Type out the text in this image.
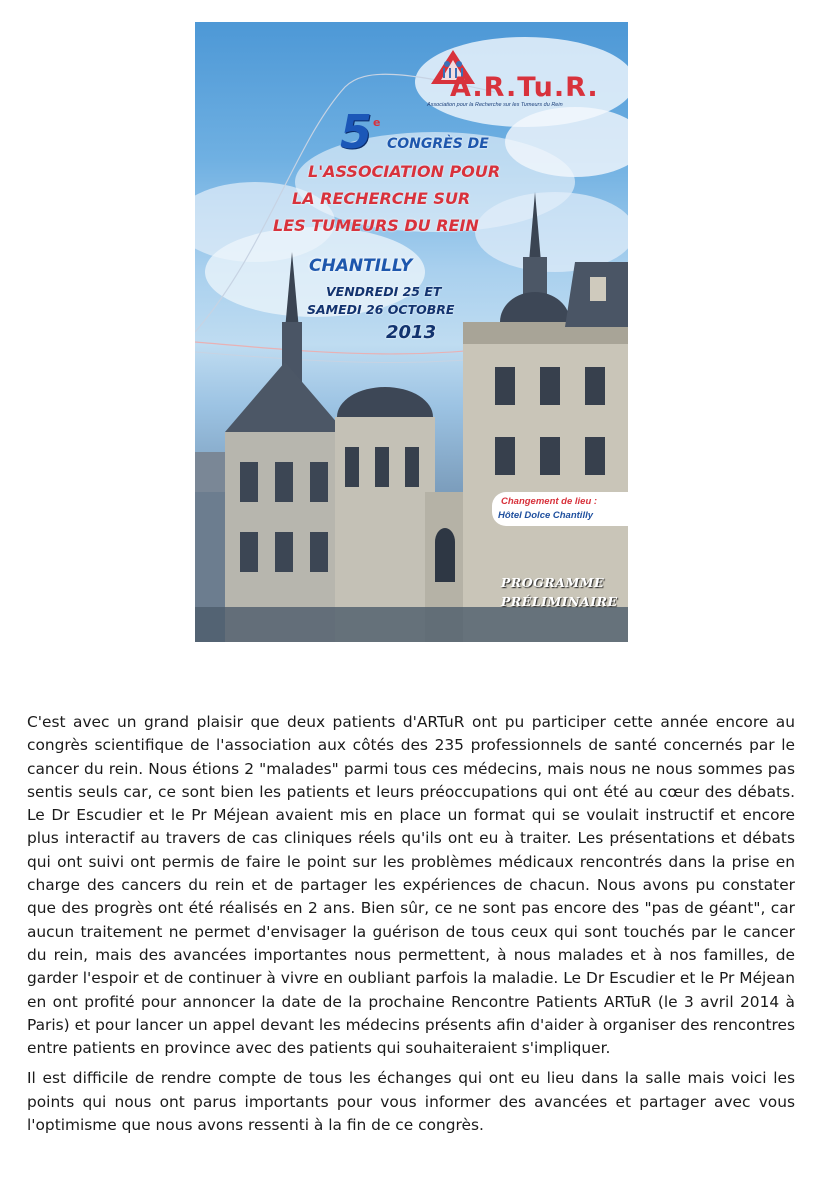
A.R.Tu.R.
Association pour la Recherche sur les Tumeurs du Rein
5 e
CONGRÈS DE
L'ASSOCIATION POUR
LA RECHERCHE SUR
LES TUMEURS DU REIN
CHANTILLY
VENDREDI 25 ET
SAMEDI 26 OCTOBRE
2013
Changement de lieu :
Hôtel Dolce Chantilly
PROGRAMME
PRÉLIMINAIRE

C'est avec un grand plaisir que deux patients d'ARTuR ont pu participer cette année encore au congrès scientifique de l'association aux côtés des 235 professionnels de santé concernés par le cancer du rein. Nous étions 2 "malades" parmi tous ces médecins, mais nous ne nous sommes pas sentis seuls car, ce sont bien les patients et leurs préoccupations qui ont été au cœur des débats. Le Dr Escudier et le Pr Méjean avaient mis en place un format qui se voulait instructif et encore plus interactif au travers de cas cliniques réels qu'ils ont eu à traiter. Les présentations et débats qui ont suivi ont permis de faire le point sur les problèmes médicaux rencontrés dans la prise en charge des cancers du rein et de partager les expériences de chacun. Nous avons pu constater que des progrès ont été réalisés en 2 ans. Bien sûr, ce ne sont pas encore des "pas de géant", car aucun traitement ne permet d'envisager la guérison de tous ceux qui sont touchés par le cancer du rein, mais des avancées importantes nous permettent, à nous malades et à nos familles, de garder l'espoir et de continuer à vivre en oubliant parfois la maladie. Le Dr Escudier et le Pr Méjean en ont profité pour annoncer la date de la prochaine Rencontre Patients ARTuR (le 3 avril 2014 à Paris) et pour lancer un appel devant les médecins présents afin d'aider à organiser des rencontres entre patients en province avec des patients qui souhaiteraient s'impliquer.

Il est difficile de rendre compte de tous les échanges qui ont eu lieu dans la salle mais voici les points qui nous ont parus importants pour vous informer des avancées et partager avec vous l'optimisme que nous avons ressenti à la fin de ce congrès.
